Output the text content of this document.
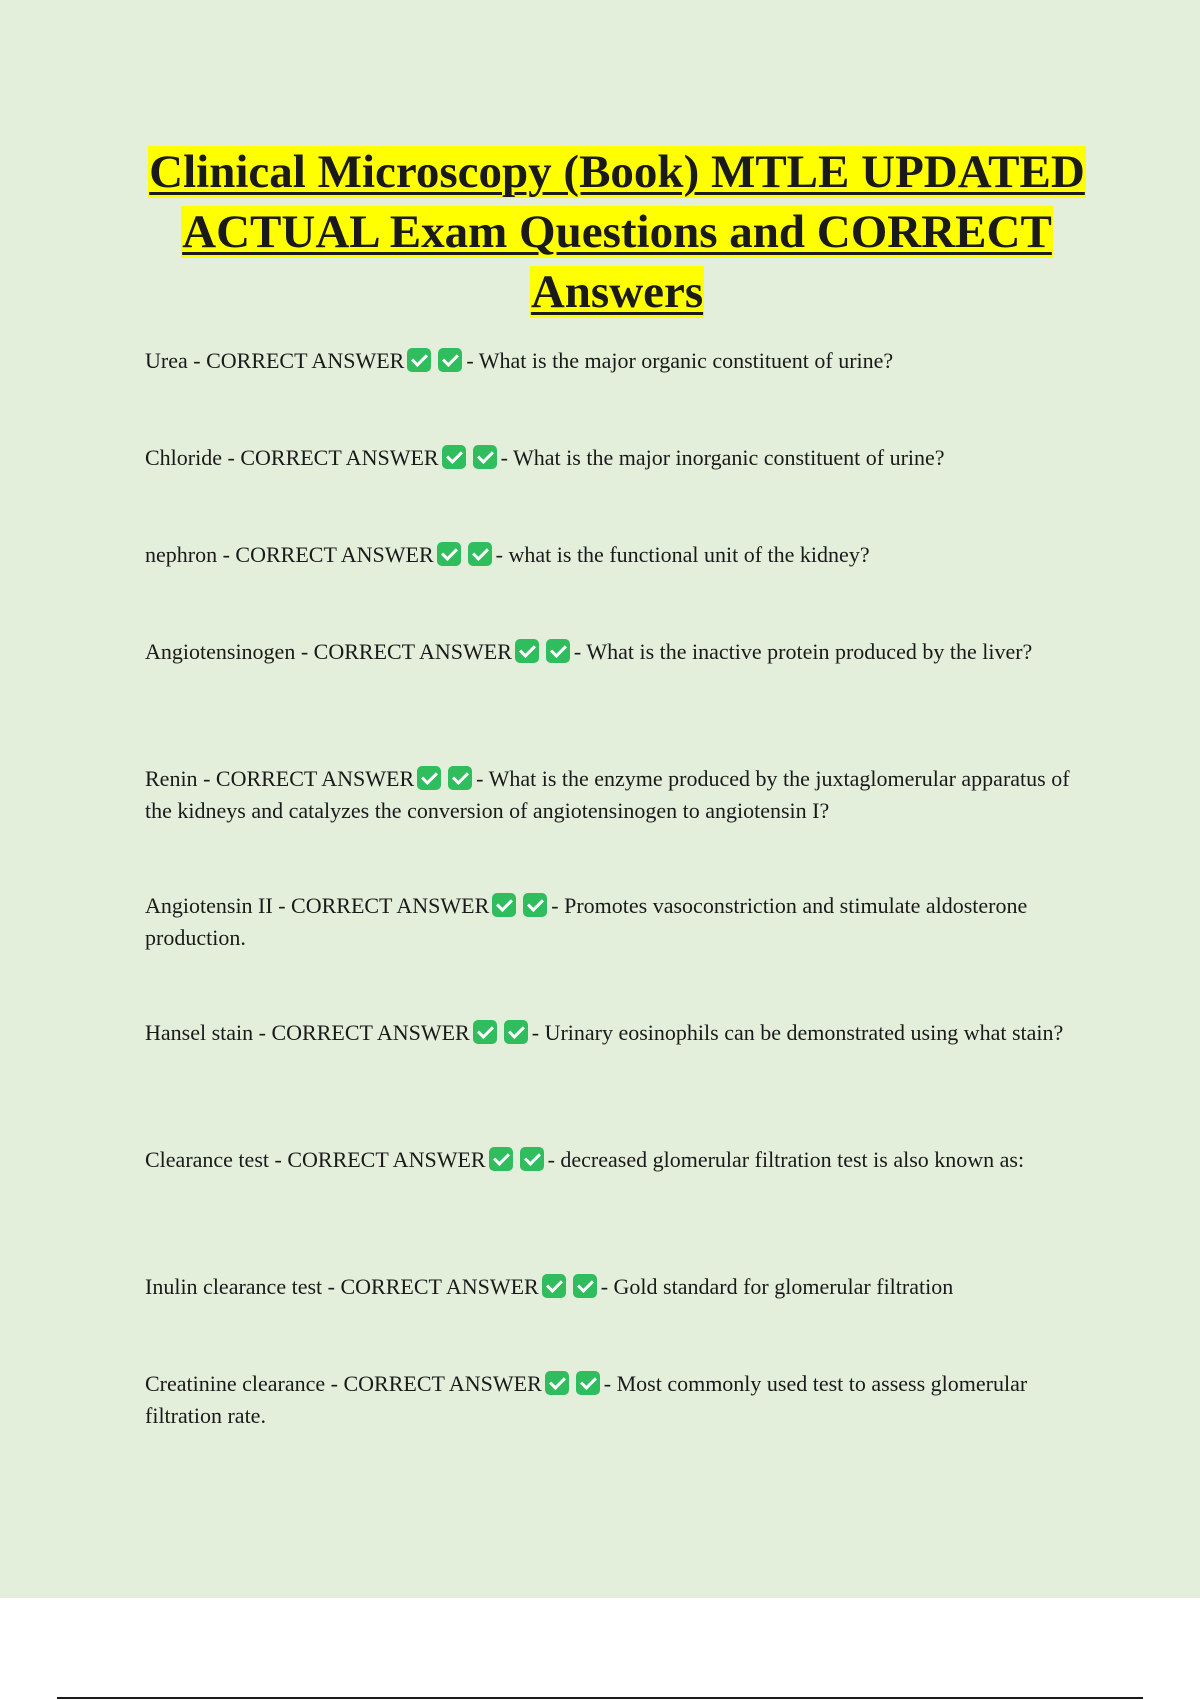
Clinical Microscopy (Book) MTLE UPDATED ACTUAL Exam Questions and CORRECT Answers

Urea - CORRECT ANSWER	- What is the major organic constituent of urine?

Chloride - CORRECT ANSWER	- What is the major inorganic constituent of urine?

nephron - CORRECT ANSWER	- what is the functional unit of the kidney?

Angiotensinogen - CORRECT ANSWER	- What is the inactive protein produced by the liver?

Renin - CORRECT ANSWER	- What is the enzyme produced by the juxtaglomerular apparatus of the kidneys and catalyzes the conversion of angiotensinogen to angiotensin I?

Angiotensin II - CORRECT ANSWER	- Promotes vasoconstriction and stimulate aldosterone production.

Hansel stain - CORRECT ANSWER	- Urinary eosinophils can be demonstrated using what stain?

Clearance test - CORRECT ANSWER	- decreased glomerular filtration test is also known as:

Inulin clearance test - CORRECT ANSWER	- Gold standard for glomerular filtration

Creatinine clearance - CORRECT ANSWER	- Most commonly used test to assess glomerular filtration rate.
